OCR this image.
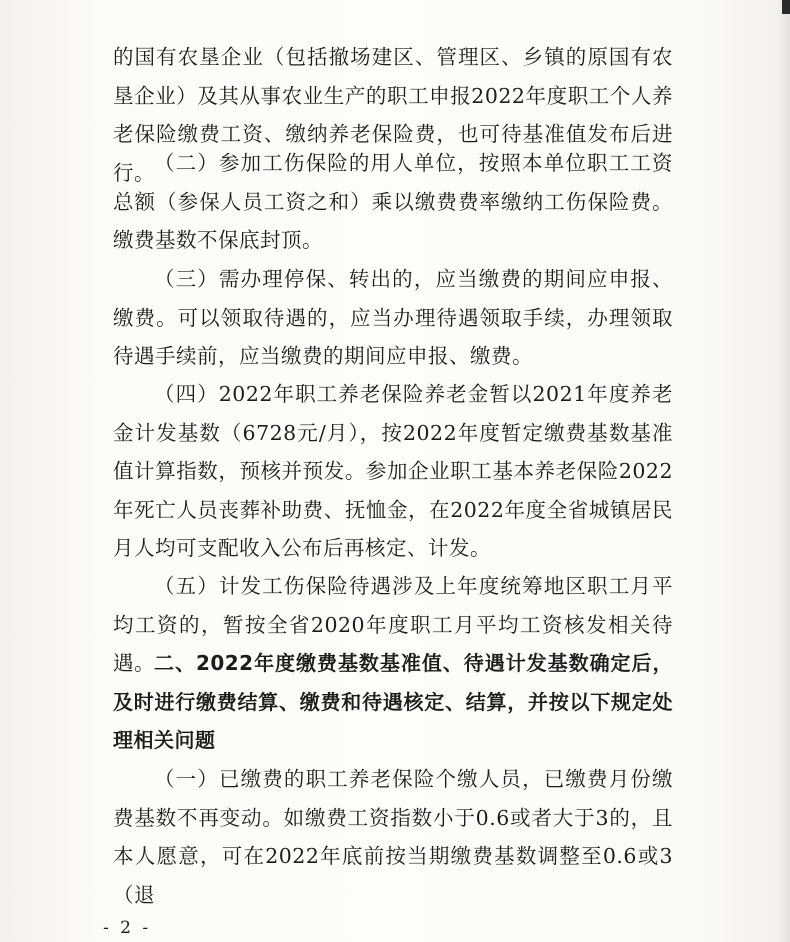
的国有农垦企业（包括撤场建区、管理区、乡镇的原国有农垦企业）及其从事农业生产的职工申报2022年度职工个人养老保险缴费工资、缴纳养老保险费，也可待基准值发布后进行。 （二）参加工伤保险的用人单位，按照本单位职工工资总额（参保人员工资之和）乘以缴费费率缴纳工伤保险费。缴费基数不保底封顶。

（三）需办理停保、转出的，应当缴费的期间应申报、缴费。可以领取待遇的，应当办理待遇领取手续，办理领取待遇手续前，应当缴费的期间应申报、缴费。

（四）2022年职工养老保险养老金暂以2021年度养老金计发基数（6728元/月），按2022年度暂定缴费基数基准值计算指数，预核并预发。参加企业职工基本养老保险2022年死亡人员丧葬补助费、抚恤金，在2022年度全省城镇居民月人均可支配收入公布后再核定、计发。

（五）计发工伤保险待遇涉及上年度统筹地区职工月平均工资的，暂按全省2020年度职工月平均工资核发相关待遇。 二、2022年度缴费基数基准值、待遇计发基数确定后，及时进行缴费结算、缴费和待遇核定、结算，并按以下规定处理相关问题

（一）已缴费的职工养老保险个缴人员，已缴费月份缴费基数不再变动。如缴费工资指数小于0.6或者大于3的，且本人愿意，可在2022年底前按当期缴费基数调整至0.6或3（退

- 2 -
